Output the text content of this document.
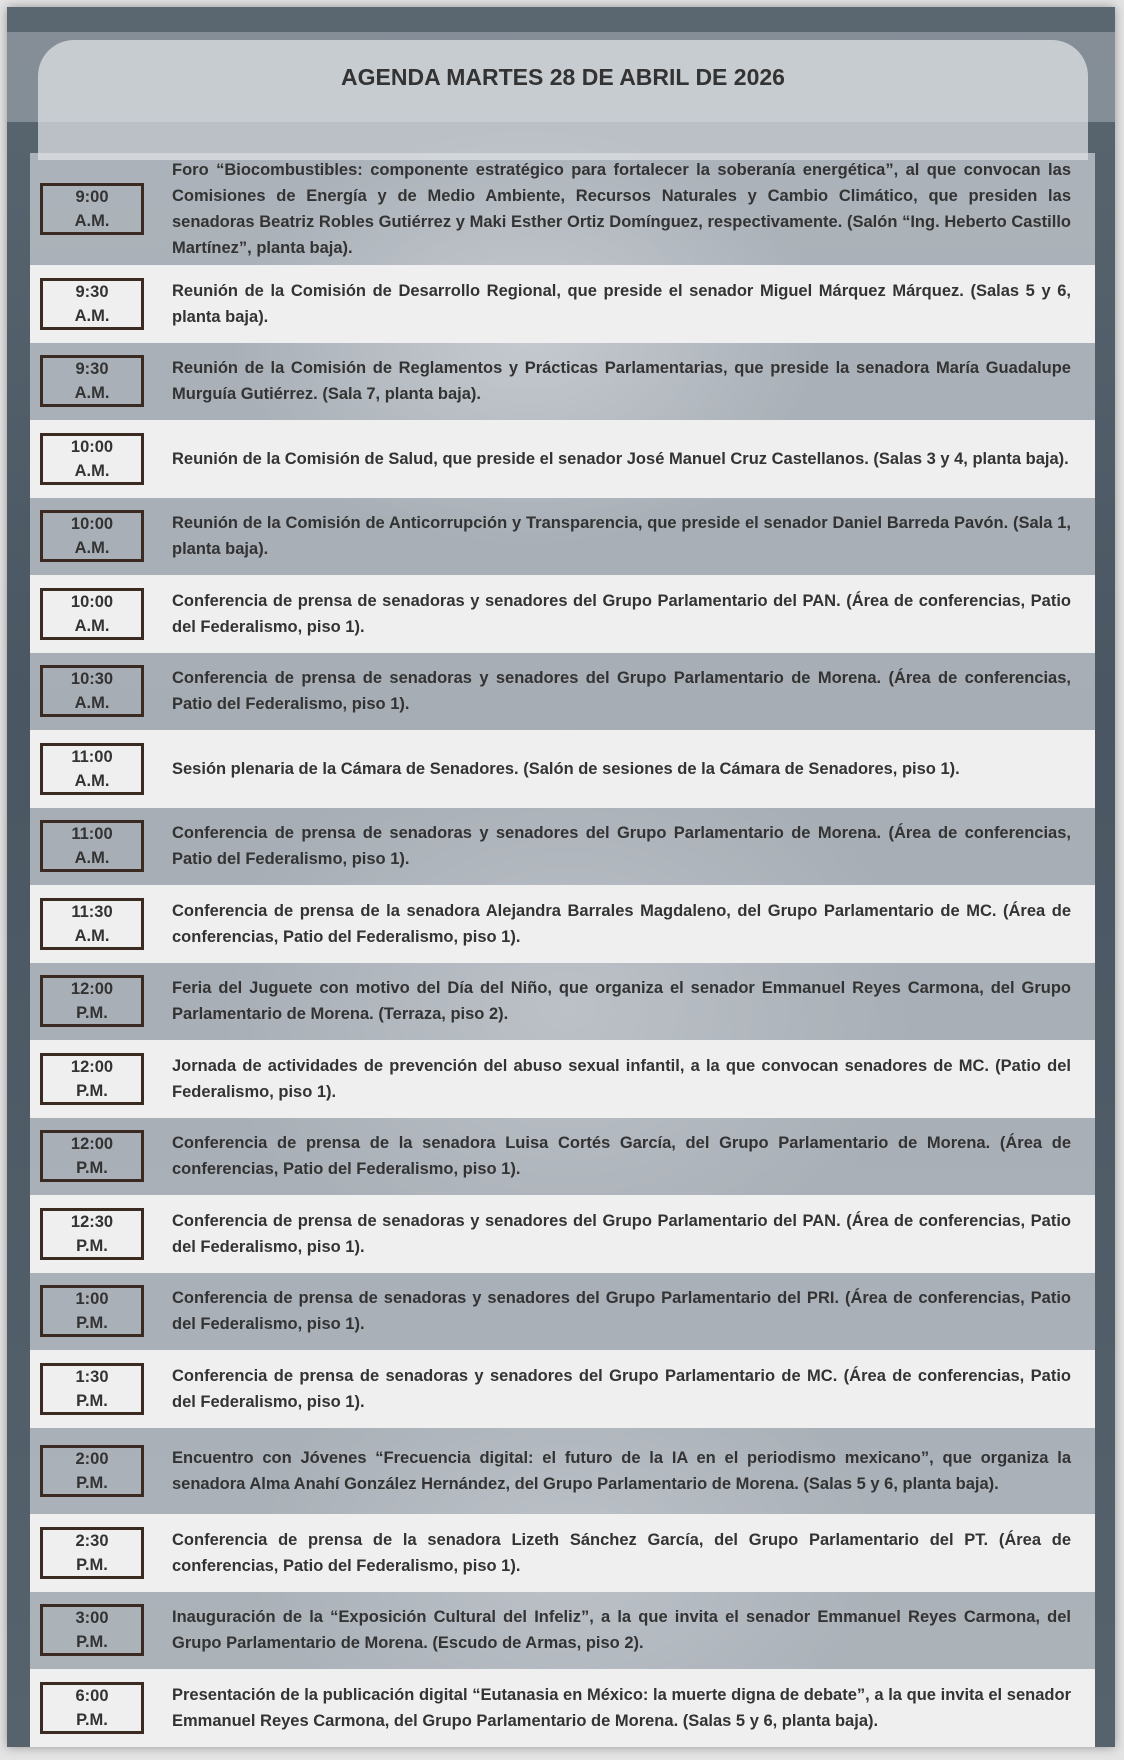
AGENDA MARTES 28 DE ABRIL DE 2026
9:00
A.M.
Foro “Biocombustibles: componente estratégico para fortalecer la soberanía energética”, al que convocan las Comisiones de Energía y de Medio Ambiente, Recursos Naturales y Cambio Climático, que presiden las senadoras Beatriz Robles Gutiérrez y Maki Esther Ortiz Domínguez, respectivamente. (Salón “Ing. Heberto Castillo Martínez”, planta baja).
9:30
A.M.
Reunión de la Comisión de Desarrollo Regional, que preside el senador Miguel Márquez Márquez. (Salas 5 y 6, planta baja).
9:30
A.M.
Reunión de la Comisión de Reglamentos y Prácticas Parlamentarias, que preside la senadora María Guadalupe Murguía Gutiérrez. (Sala 7, planta baja).
10:00
A.M.
Reunión de la Comisión de Salud, que preside el senador José Manuel Cruz Castellanos. (Salas 3 y 4, planta baja).
10:00
A.M.
Reunión de la Comisión de Anticorrupción y Transparencia, que preside el senador Daniel Barreda Pavón. (Sala 1, planta baja).
10:00
A.M.
Conferencia de prensa de senadoras y senadores del Grupo Parlamentario del PAN. (Área de conferencias, Patio del Federalismo, piso 1).
10:30
A.M.
Conferencia de prensa de senadoras y senadores del Grupo Parlamentario de Morena. (Área de conferencias, Patio del Federalismo, piso 1).
11:00
A.M.
Sesión plenaria de la Cámara de Senadores. (Salón de sesiones de la Cámara de Senadores, piso 1).
11:00
A.M.
Conferencia de prensa de senadoras y senadores del Grupo Parlamentario de Morena. (Área de conferencias, Patio del Federalismo, piso 1).
11:30
A.M.
Conferencia de prensa de la senadora Alejandra Barrales Magdaleno, del Grupo Parlamentario de MC. (Área de conferencias, Patio del Federalismo, piso 1).
12:00
P.M.
Feria del Juguete con motivo del Día del Niño, que organiza el senador Emmanuel Reyes Carmona, del Grupo Parlamentario de Morena. (Terraza, piso 2).
12:00
P.M.
Jornada de actividades de prevención del abuso sexual infantil, a la que convocan senadores de MC. (Patio del Federalismo, piso 1).
12:00
P.M.
Conferencia de prensa de la senadora Luisa Cortés García, del Grupo Parlamentario de Morena. (Área de conferencias, Patio del Federalismo, piso 1).
12:30
P.M.
Conferencia de prensa de senadoras y senadores del Grupo Parlamentario del PAN. (Área de conferencias, Patio del Federalismo, piso 1).
1:00
P.M.
Conferencia de prensa de senadoras y senadores del Grupo Parlamentario del PRI. (Área de conferencias, Patio del Federalismo, piso 1).
1:30
P.M.
Conferencia de prensa de senadoras y senadores del Grupo Parlamentario de MC. (Área de conferencias, Patio del Federalismo, piso 1).
2:00
P.M.
Encuentro con Jóvenes “Frecuencia digital: el futuro de la IA en el periodismo mexicano”, que organiza la senadora Alma Anahí González Hernández, del Grupo Parlamentario de Morena. (Salas 5 y 6, planta baja).
2:30
P.M.
Conferencia de prensa de la senadora Lizeth Sánchez García, del Grupo Parlamentario del PT. (Área de conferencias, Patio del Federalismo, piso 1).
3:00
P.M.
Inauguración de la “Exposición Cultural del Infeliz”, a la que invita el senador Emmanuel Reyes Carmona, del Grupo Parlamentario de Morena. (Escudo de Armas, piso 2).
6:00
P.M.
Presentación de la publicación digital “Eutanasia en México: la muerte digna de debate”, a la que invita el senador Emmanuel Reyes Carmona, del Grupo Parlamentario de Morena. (Salas 5 y 6, planta baja).
